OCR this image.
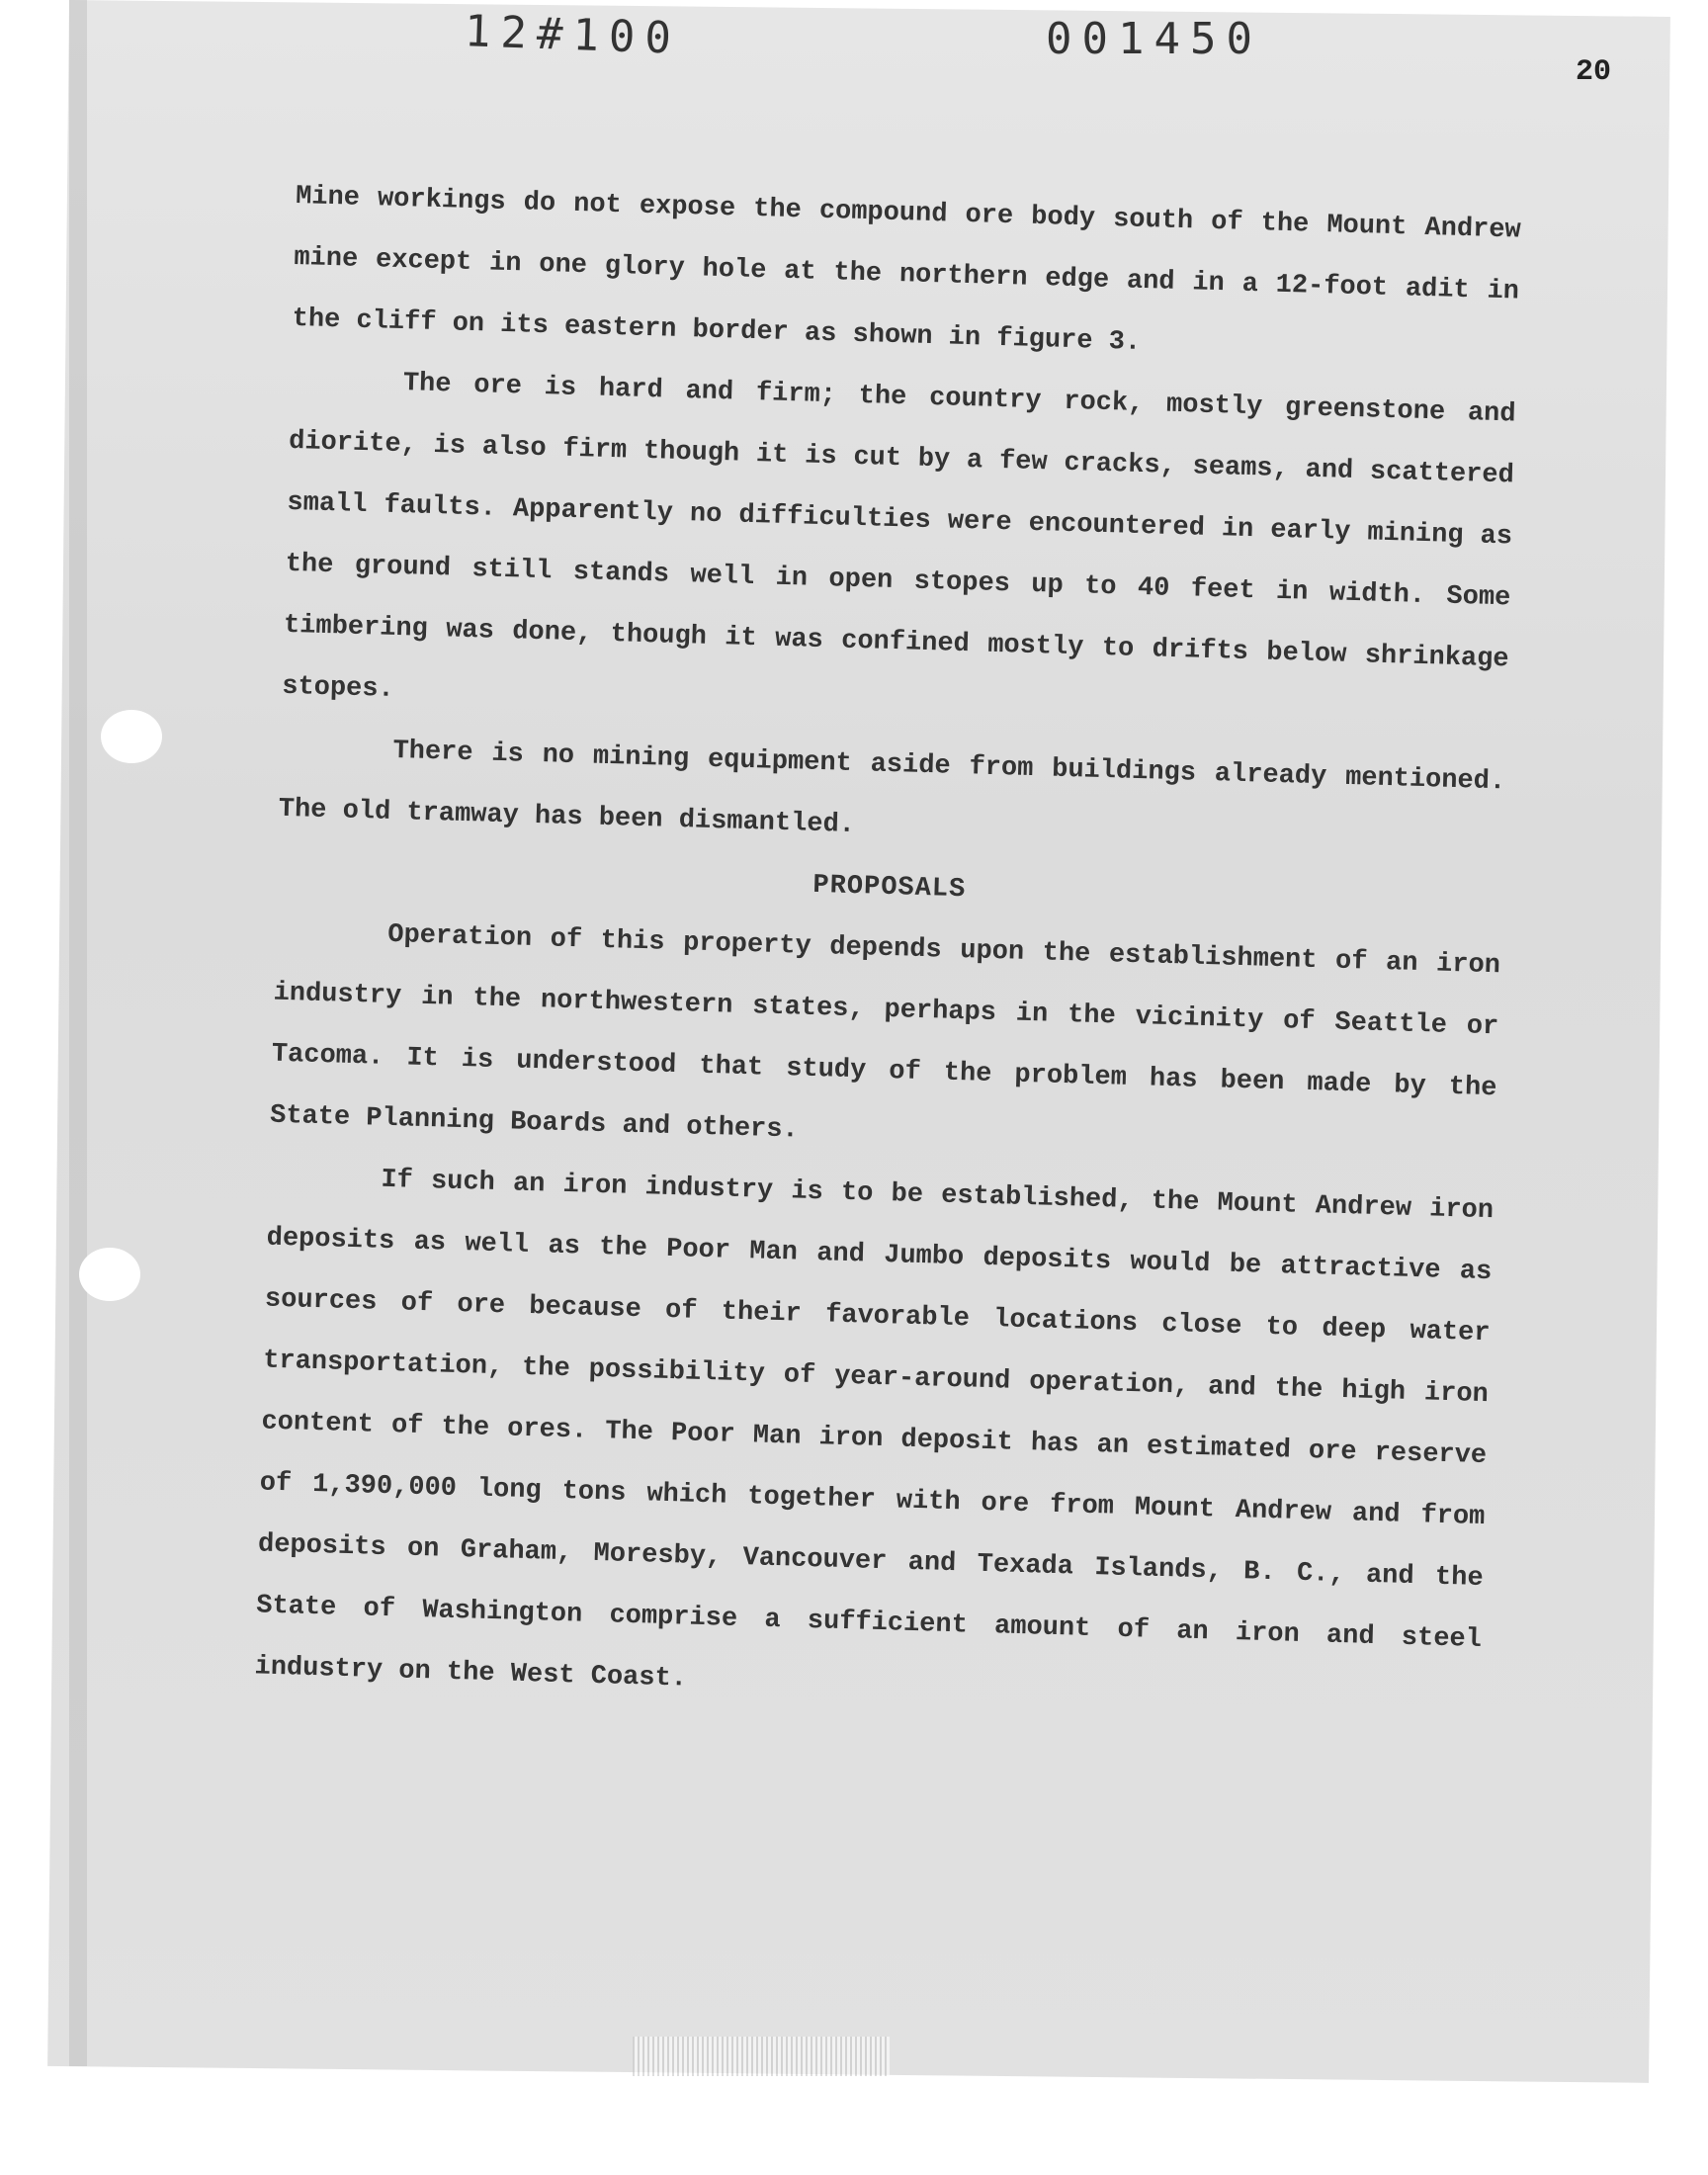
12#100	001450
20

Mine workings do not expose the compound ore body south of the Mount Andrew mine except in one glory hole at the northern edge and in a 12-foot adit in the cliff on its eastern border as shown in figure 3.

The ore is hard and firm; the country rock, mostly greenstone and diorite, is also firm though it is cut by a few cracks, seams, and scattered small faults. Apparently no difficulties were encountered in early mining as the ground still stands well in open stopes up to 40 feet in width. Some timbering was done, though it was confined mostly to drifts below shrinkage stopes.

There is no mining equipment aside from buildings already mentioned. The old tramway has been dismantled.

PROPOSALS

Operation of this property depends upon the establishment of an iron industry in the northwestern states, perhaps in the vicinity of Seattle or Tacoma. It is understood that study of the problem has been made by the State Planning Boards and others.

If such an iron industry is to be established, the Mount Andrew iron deposits as well as the Poor Man and Jumbo deposits would be attractive as sources of ore because of their favorable locations close to deep water transportation, the possibility of year-around operation, and the high iron content of the ores. The Poor Man iron deposit has an estimated ore reserve of 1,390,000 long tons which together with ore from Mount Andrew and from deposits on Graham, Moresby, Vancouver and Texada Islands, B. C., and the State of Washington comprise a sufficient amount of an iron and steel industry on the West Coast.
